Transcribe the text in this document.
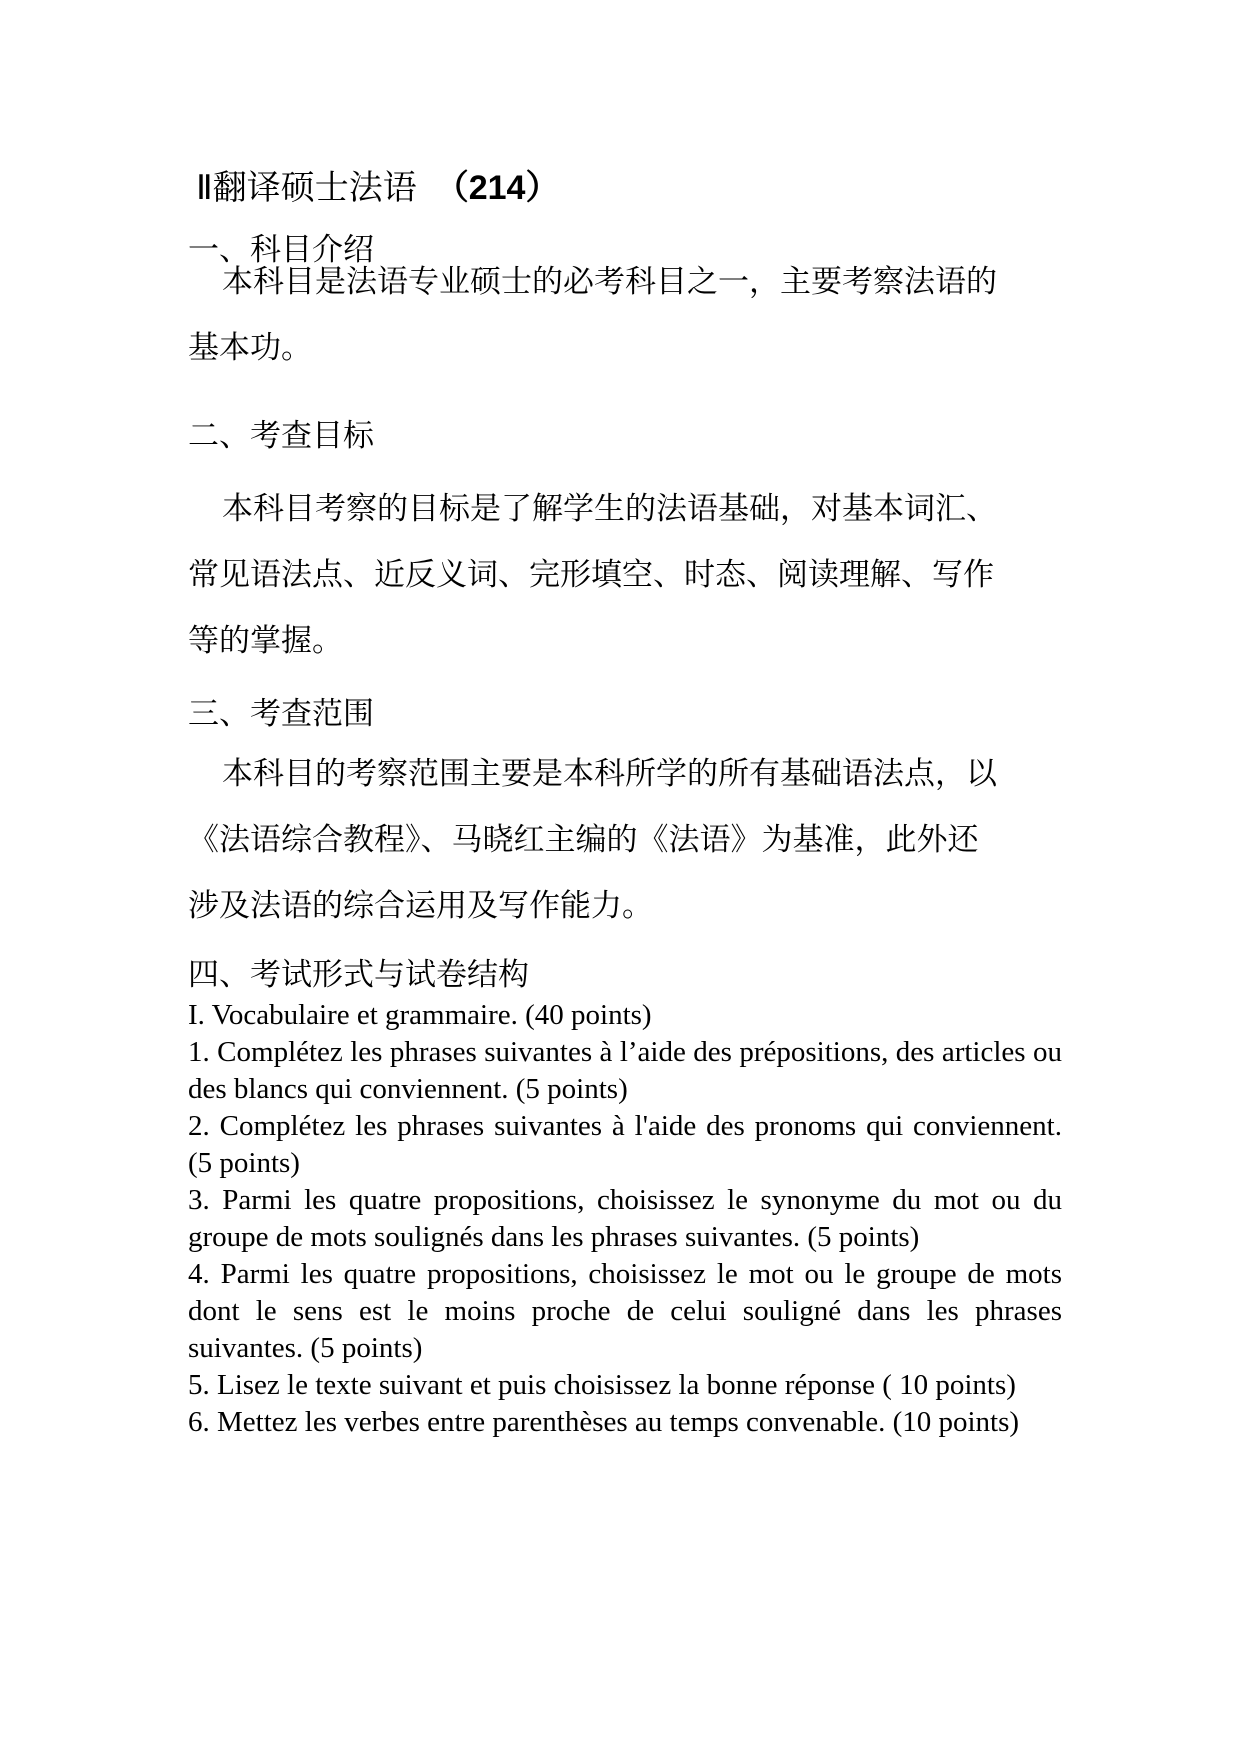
Ⅱ翻译硕士法语 （214）
一、科目介绍
本科目是法语专业硕士的必考科目之一，主要考察法语的
基本功。
二、考查目标
本科目考察的目标是了解学生的法语基础，对基本词汇、
常见语法点、近反义词、完形填空、时态、阅读理解、写作
等的掌握。
三、考查范围
本科目的考察范围主要是本科所学的所有基础语法点，以
《法语综合教程》、马晓红主编的《法语》为基准，此外还
涉及法语的综合运用及写作能力。
四、考试形式与试卷结构
I. Vocabulaire et grammaire. (40 points)
1. Complétez les phrases suivantes à l’aide des prépositions, des articles ou des blancs qui conviennent. (5 points)
2. Complétez les phrases suivantes à l'aide des pronoms qui conviennent. (5 points)
3. Parmi les quatre propositions, choisissez le synonyme du mot ou du groupe de mots soulignés dans les phrases suivantes. (5 points)
4. Parmi les quatre propositions, choisissez le mot ou le groupe de mots dont le sens est le moins proche de celui souligné dans les phrases suivantes. (5 points)
5. Lisez le texte suivant et puis choisissez la bonne réponse ( 10 points)
6. Mettez les verbes entre parenthèses au temps convenable. (10 points)
